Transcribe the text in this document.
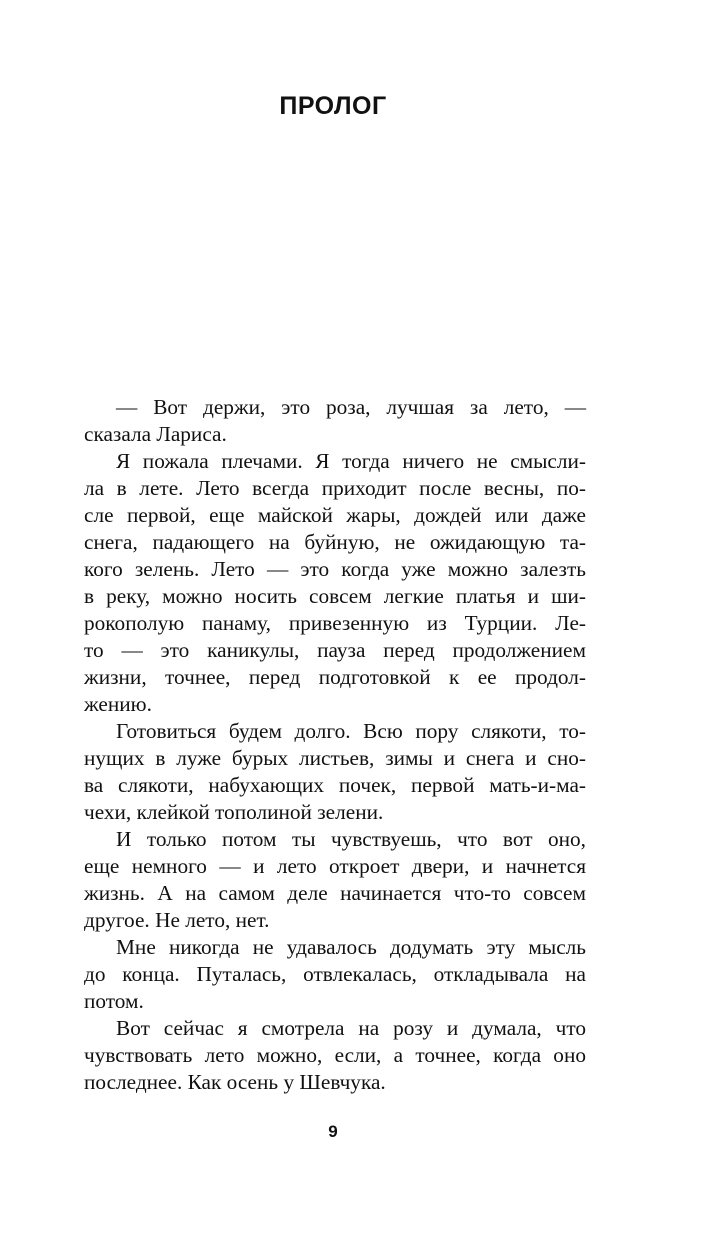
ПРОЛОГ
— Вот держи, это роза, лучшая за лето, —
сказала Лариса.
Я пожала плечами. Я тогда ничего не смысли-
ла в лете. Лето всегда приходит после весны, по-
сле первой, еще майской жары, дождей или даже
снега, падающего на буйную, не ожидающую та-
кого зелень. Лето — это когда уже можно залезть
в реку, можно носить совсем легкие платья и ши-
рокополую панаму, привезенную из Турции. Ле-
то — это каникулы, пауза перед продолжением
жизни, точнее, перед подготовкой к ее продол-
жению.
Готовиться будем долго. Всю пору слякоти, то-
нущих в луже бурых листьев, зимы и снега и сно-
ва слякоти, набухающих почек, первой мать-и-ма-
чехи, клейкой тополиной зелени.
И только потом ты чувствуешь, что вот оно,
еще немного — и лето откроет двери, и начнется
жизнь. А на самом деле начинается что-то совсем
другое. Не лето, нет.
Мне никогда не удавалось додумать эту мысль
до конца. Путалась, отвлекалась, откладывала на
потом.
Вот сейчас я смотрела на розу и думала, что
чувствовать лето можно, если, а точнее, когда оно
последнее. Как осень у Шевчука.
9
